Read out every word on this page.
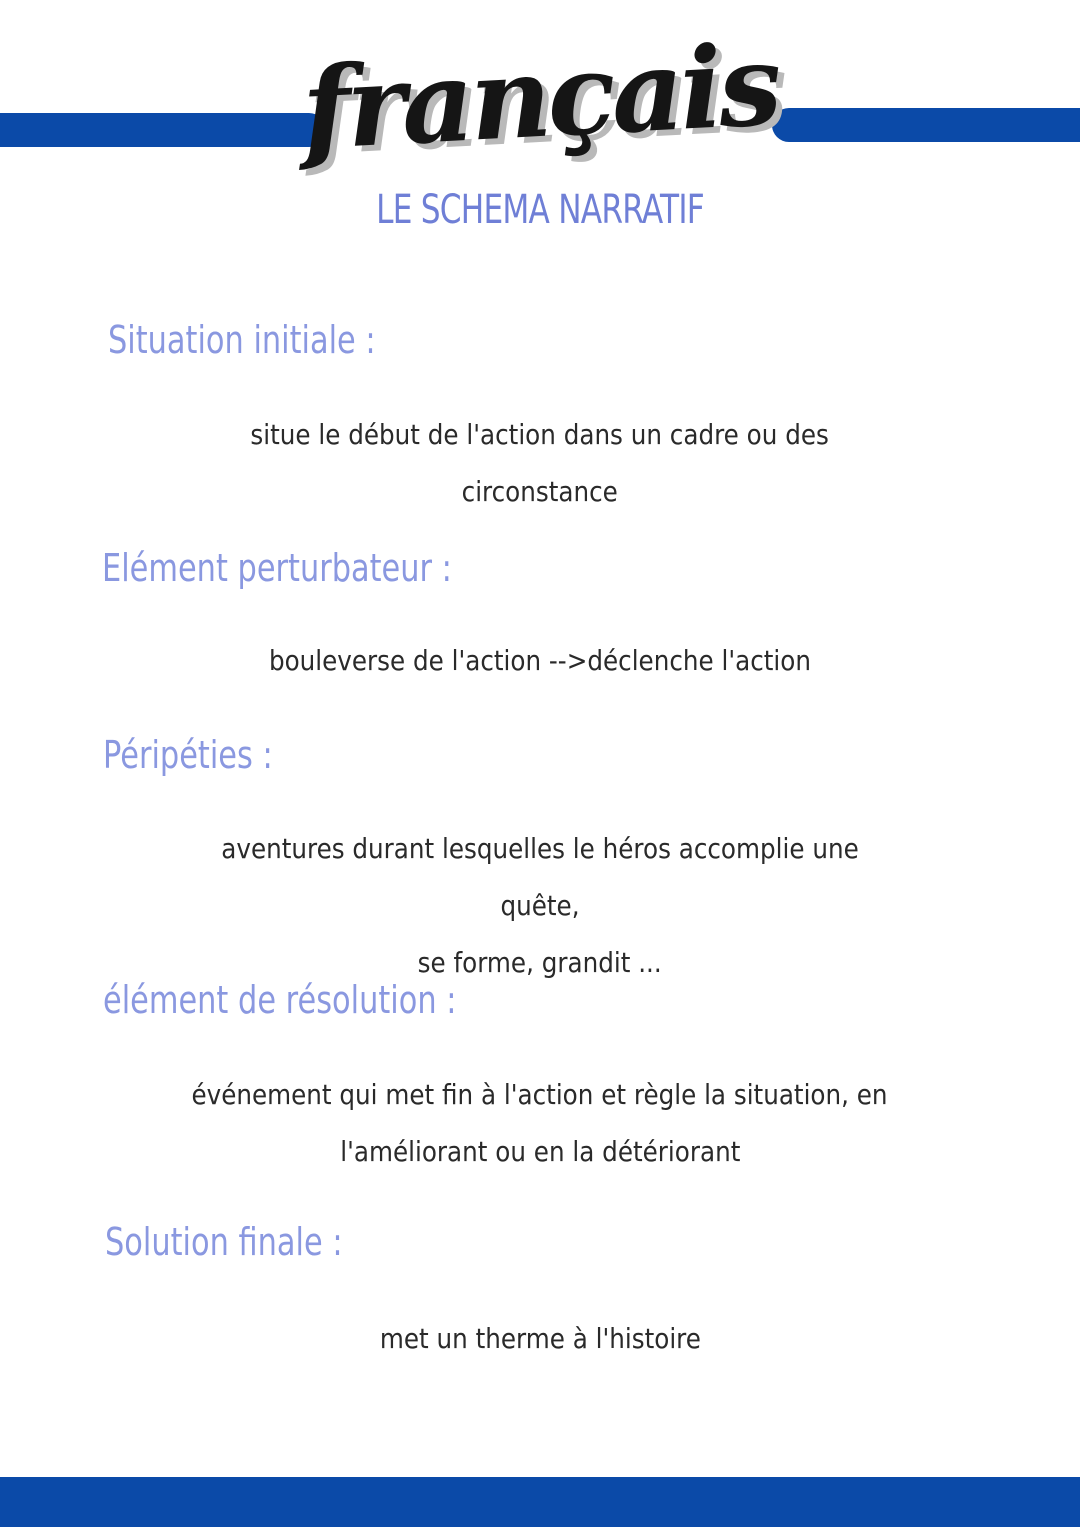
français
LE SCHEMA NARRATIF
Situation initiale :
situe le début de l'action dans un cadre ou des
circonstance
Elément perturbateur :
bouleverse de l'action -->déclenche l'action
Péripéties :
aventures durant lesquelles le héros accomplie une quête,
se forme, grandit ...
élément de résolution :
événement qui met fin à l'action et règle la situation, en
l'améliorant ou en la détériorant
Solution finale :
met un therme à l'histoire
